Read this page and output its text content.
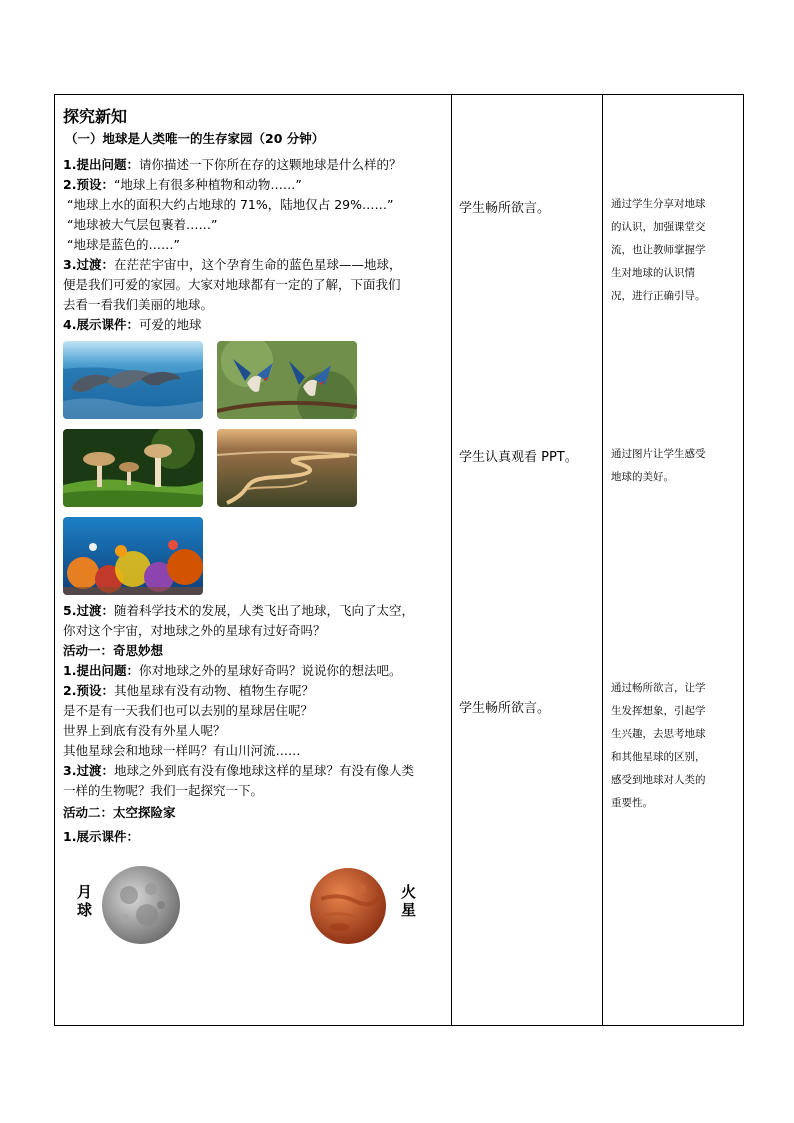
探究新知

（一）地球是人类唯一的生存家园（20 分钟）

1.提出问题：请你描述一下你所在存的这颗地球是什么样的？

2.预设：“地球上有很多种植物和动物……”

“地球上水的面积大约占地球的 71%，陆地仅占 29%……”

“地球被大气层包裹着……”

“地球是蓝色的……”

3.过渡：在茫茫宇宙中，这个孕育生命的蓝色星球——地球，

便是我们可爱的家园。大家对地球都有一定的了解，下面我们

去看一看我们美丽的地球。

4.展示课件：可爱的地球

5.过渡：随着科学技术的发展，人类飞出了地球，飞向了太空，

你对这个宇宙，对地球之外的星球有过好奇吗？

活动一：奇思妙想

1.提出问题：你对地球之外的星球好奇吗？说说你的想法吧。

2.预设：其他星球有没有动物、植物生存呢？

是不是有一天我们也可以去别的星球居住呢？

世界上到底有没有外星人呢？

其他星球会和地球一样吗？有山川河流……

3.过渡：地球之外到底有没有像地球这样的星球？有没有像人类

一样的生物呢？我们一起探究一下。

活动二：太空探险家

1.展示课件：

月球
火星
学生畅所欲言。
学生认真观看 PPT。
学生畅所欲言。

通过学生分享对地球

的认识，加强课堂交

流，也让教师掌握学

生对地球的认识情

况，进行正确引导。

通过图片让学生感受

地球的美好。

通过畅所欲言，让学

生发挥想象，引起学

生兴趣，去思考地球

和其他星球的区别，

感受到地球对人类的

重要性。
